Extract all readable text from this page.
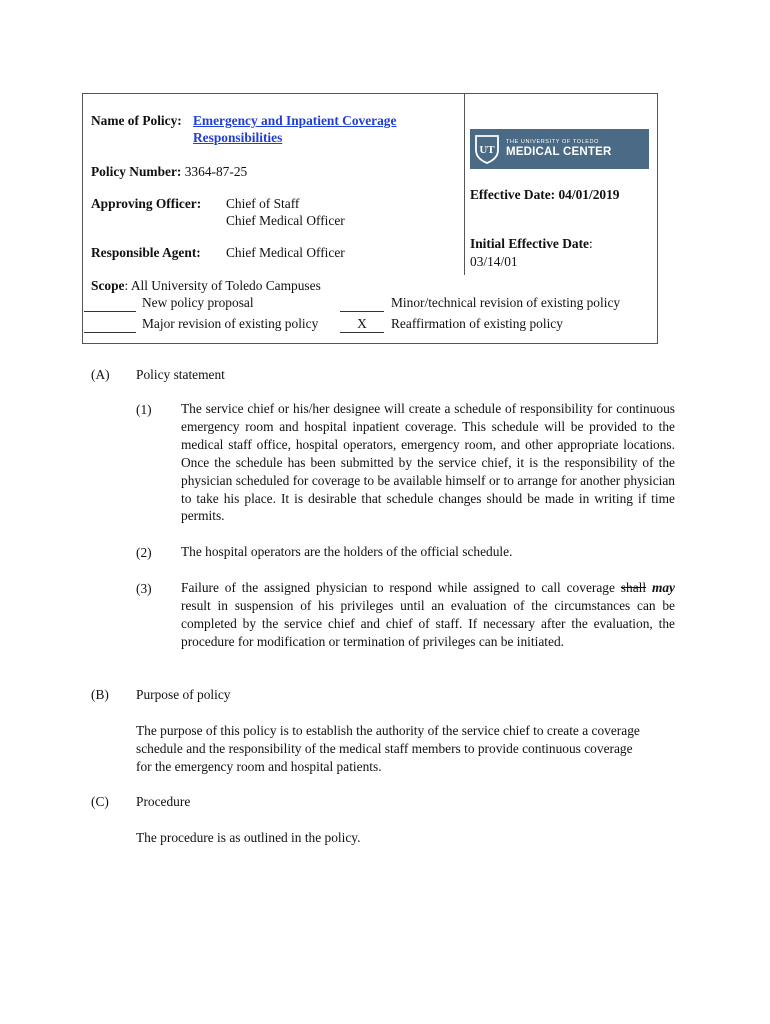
Name of Policy: Emergency and Inpatient Coverage
Responsibilities
UT
THE UNIVERSITY OF TOLEDO
MEDICAL CENTER
Policy Number: 3364-87-25
Effective Date: 04/01/2019
Approving Officer: Chief of Staff
Chief Medical Officer
Initial Effective Date:
03/14/01
Responsible Agent: Chief Medical Officer
Scope: All University of Toledo Campuses
New policy proposal	Minor/technical revision of existing policy
Major revision of existing policy	X	Reaffirmation of existing policy
(A) Policy statement
(1) The service chief or his/her designee will create a schedule of responsibility for continuous emergency room and hospital inpatient coverage. This schedule will be provided to the medical staff office, hospital operators, emergency room, and other appropriate locations. Once the schedule has been submitted by the service chief, it is the responsibility of the physician scheduled for coverage to be available himself or to arrange for another physician to take his place. It is desirable that schedule changes should be made in writing if time permits.
(2) The hospital operators are the holders of the official schedule.
(3) Failure of the assigned physician to respond while assigned to call coverage shall may result in suspension of his privileges until an evaluation of the circumstances can be completed by the service chief and chief of staff. If necessary after the evaluation, the procedure for modification or termination of privileges can be initiated.
(B) Purpose of policy
The purpose of this policy is to establish the authority of the service chief to create a coverage schedule and the responsibility of the medical staff members to provide continuous coverage for the emergency room and hospital patients.
(C) Procedure
The procedure is as outlined in the policy.
